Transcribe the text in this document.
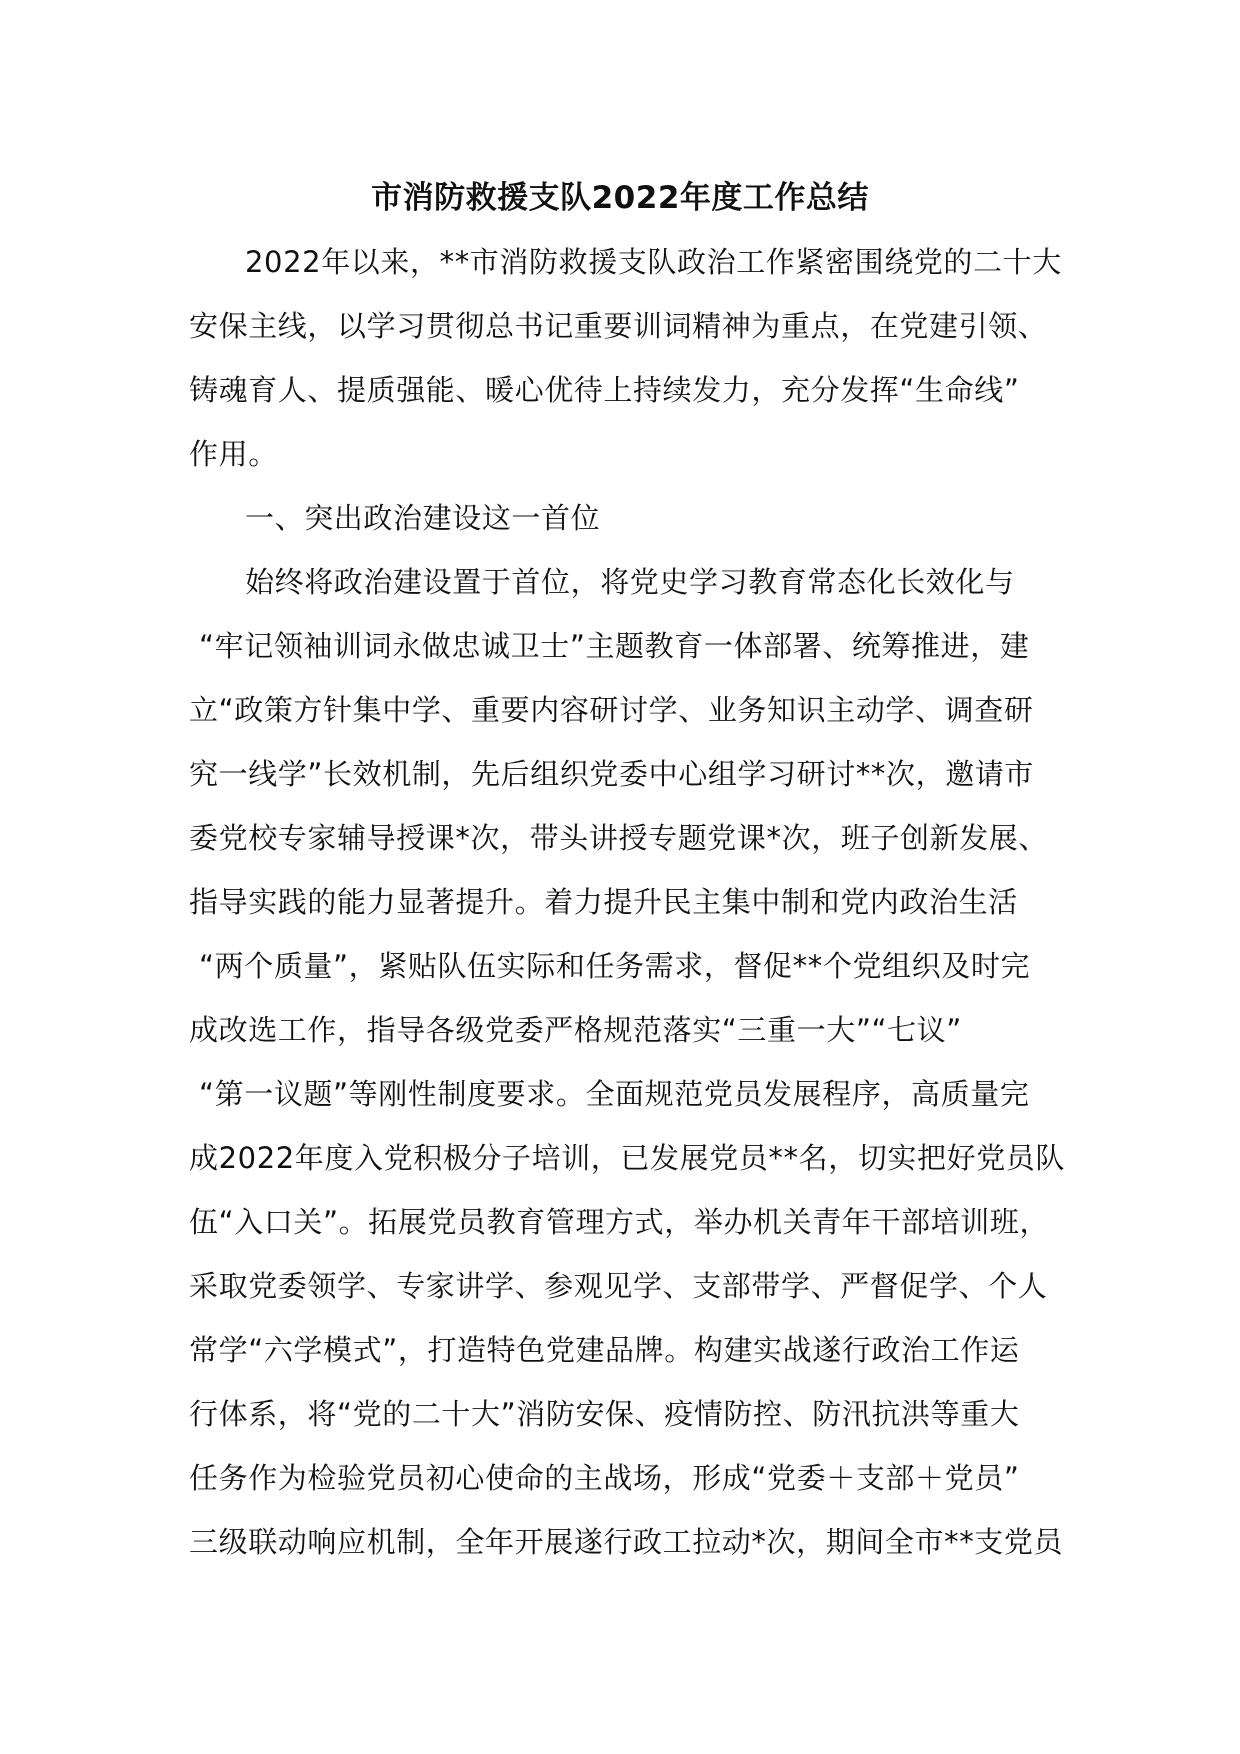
市消防救援支队2022年度工作总结
2022年以来，**市消防救援支队政治工作紧密围绕党的二十大
安保主线，以学习贯彻总书记重要训词精神为重点，在党建引领、
铸魂育人、提质强能、暖心优待上持续发力，充分发挥“生命线”
作用。
一、突出政治建设这一首位
始终将政治建设置于首位，将党史学习教育常态化长效化与
“牢记领袖训词永做忠诚卫士”主题教育一体部署、统筹推进，建
立“政策方针集中学、重要内容研讨学、业务知识主动学、调查研
究一线学”长效机制，先后组织党委中心组学习研讨**次，邀请市
委党校专家辅导授课*次，带头讲授专题党课*次，班子创新发展、
指导实践的能力显著提升。着力提升民主集中制和党内政治生活
“两个质量”，紧贴队伍实际和任务需求，督促**个党组织及时完
成改选工作，指导各级党委严格规范落实“三重一大”“七议”
“第一议题”等刚性制度要求。全面规范党员发展程序，高质量完
成2022年度入党积极分子培训，已发展党员**名，切实把好党员队
伍“入口关”。拓展党员教育管理方式，举办机关青年干部培训班，
采取党委领学、专家讲学、参观见学、支部带学、严督促学、个人
常学“六学模式”，打造特色党建品牌。构建实战遂行政治工作运
行体系，将“党的二十大”消防安保、疫情防控、防汛抗洪等重大
任务作为检验党员初心使命的主战场，形成“党委＋支部＋党员”
三级联动响应机制，全年开展遂行政工拉动*次，期间全市**支党员
